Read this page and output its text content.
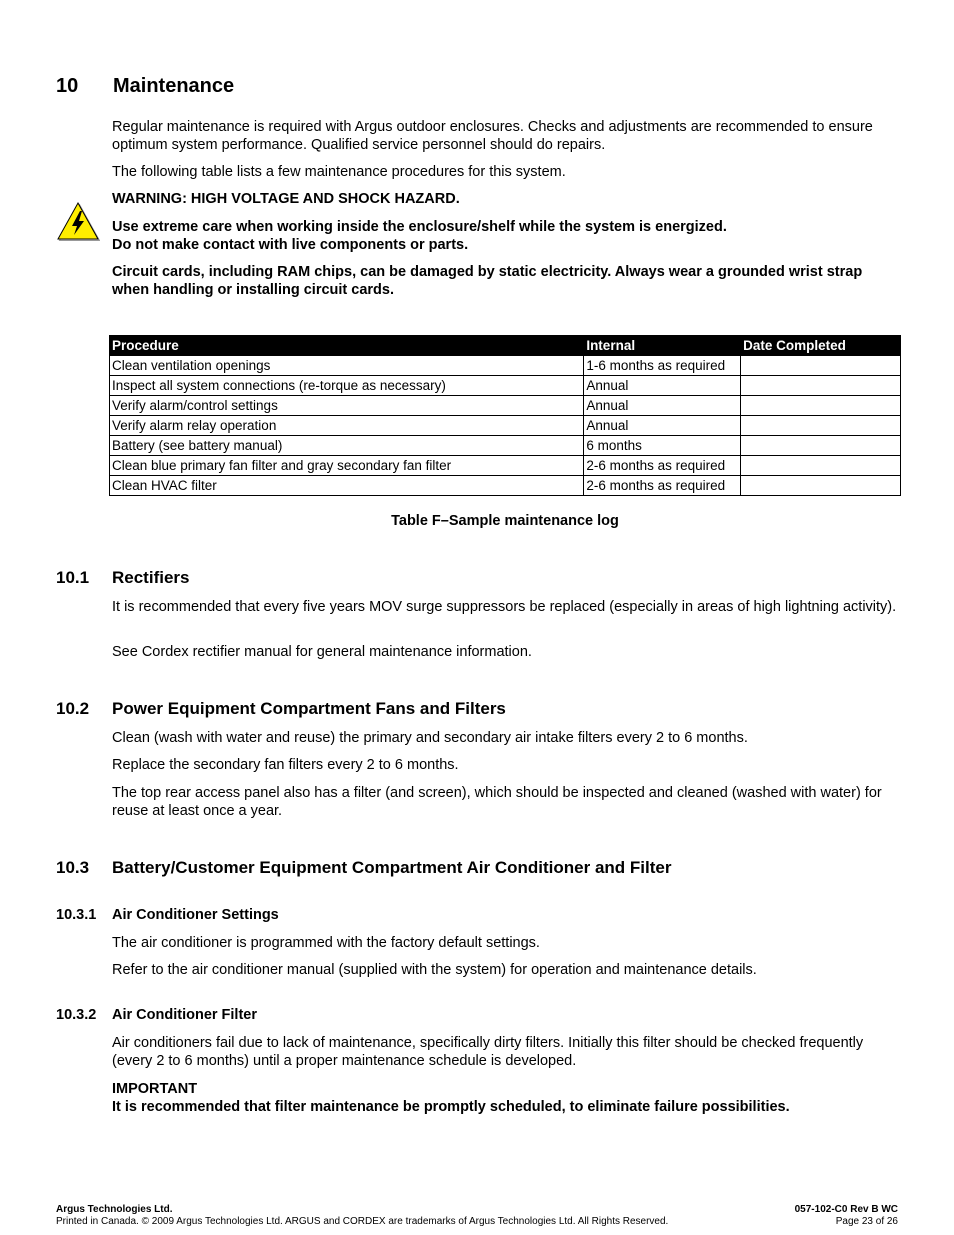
10 Maintenance
Regular maintenance is required with Argus outdoor enclosures. Checks and adjustments are recommended to ensure optimum system performance. Qualified service personnel should do repairs.
The following table lists a few maintenance procedures for this system.
WARNING: HIGH VOLTAGE AND SHOCK HAZARD.
Use extreme care when working inside the enclosure/shelf while the system is energized.
Do not make contact with live components or parts.
Circuit cards, including RAM chips, can be damaged by static electricity. Always wear a grounded wrist strap when handling or installing circuit cards.
Procedure	Internal	Date Completed
Clean ventilation openings	1-6 months as required	
Inspect all system connections (re-torque as necessary)	Annual	
Verify alarm/control settings	Annual	
Verify alarm relay operation	Annual	
Battery (see battery manual)	6 months	
Clean blue primary fan filter and gray secondary fan filter	2-6 months as required	
Clean HVAC filter	2-6 months as required	
Table F–Sample maintenance log
10.1 Rectifiers
It is recommended that every five years MOV surge suppressors be replaced (especially in areas of high lightning activity).
See Cordex rectifier manual for general maintenance information.
10.2 Power Equipment Compartment Fans and Filters
Clean (wash with water and reuse) the primary and secondary air intake filters every 2 to 6 months.
Replace the secondary fan filters every 2 to 6 months.
The top rear access panel also has a filter (and screen), which should be inspected and cleaned (washed with water) for reuse at least once a year.
10.3 Battery/Customer Equipment Compartment Air Conditioner and Filter
10.3.1 Air Conditioner Settings
The air conditioner is programmed with the factory default settings.
Refer to the air conditioner manual (supplied with the system) for operation and maintenance details.
10.3.2 Air Conditioner Filter
Air conditioners fail due to lack of maintenance, specifically dirty filters. Initially this filter should be checked frequently (every 2 to 6 months) until a proper maintenance schedule is developed.
IMPORTANT
It is recommended that filter maintenance be promptly scheduled, to eliminate failure possibilities.
Argus Technologies Ltd.
Printed in Canada. © 2009 Argus Technologies Ltd. ARGUS and CORDEX are trademarks of Argus Technologies Ltd. All Rights Reserved.
057-102-C0 Rev B WC
Page 23 of 26
